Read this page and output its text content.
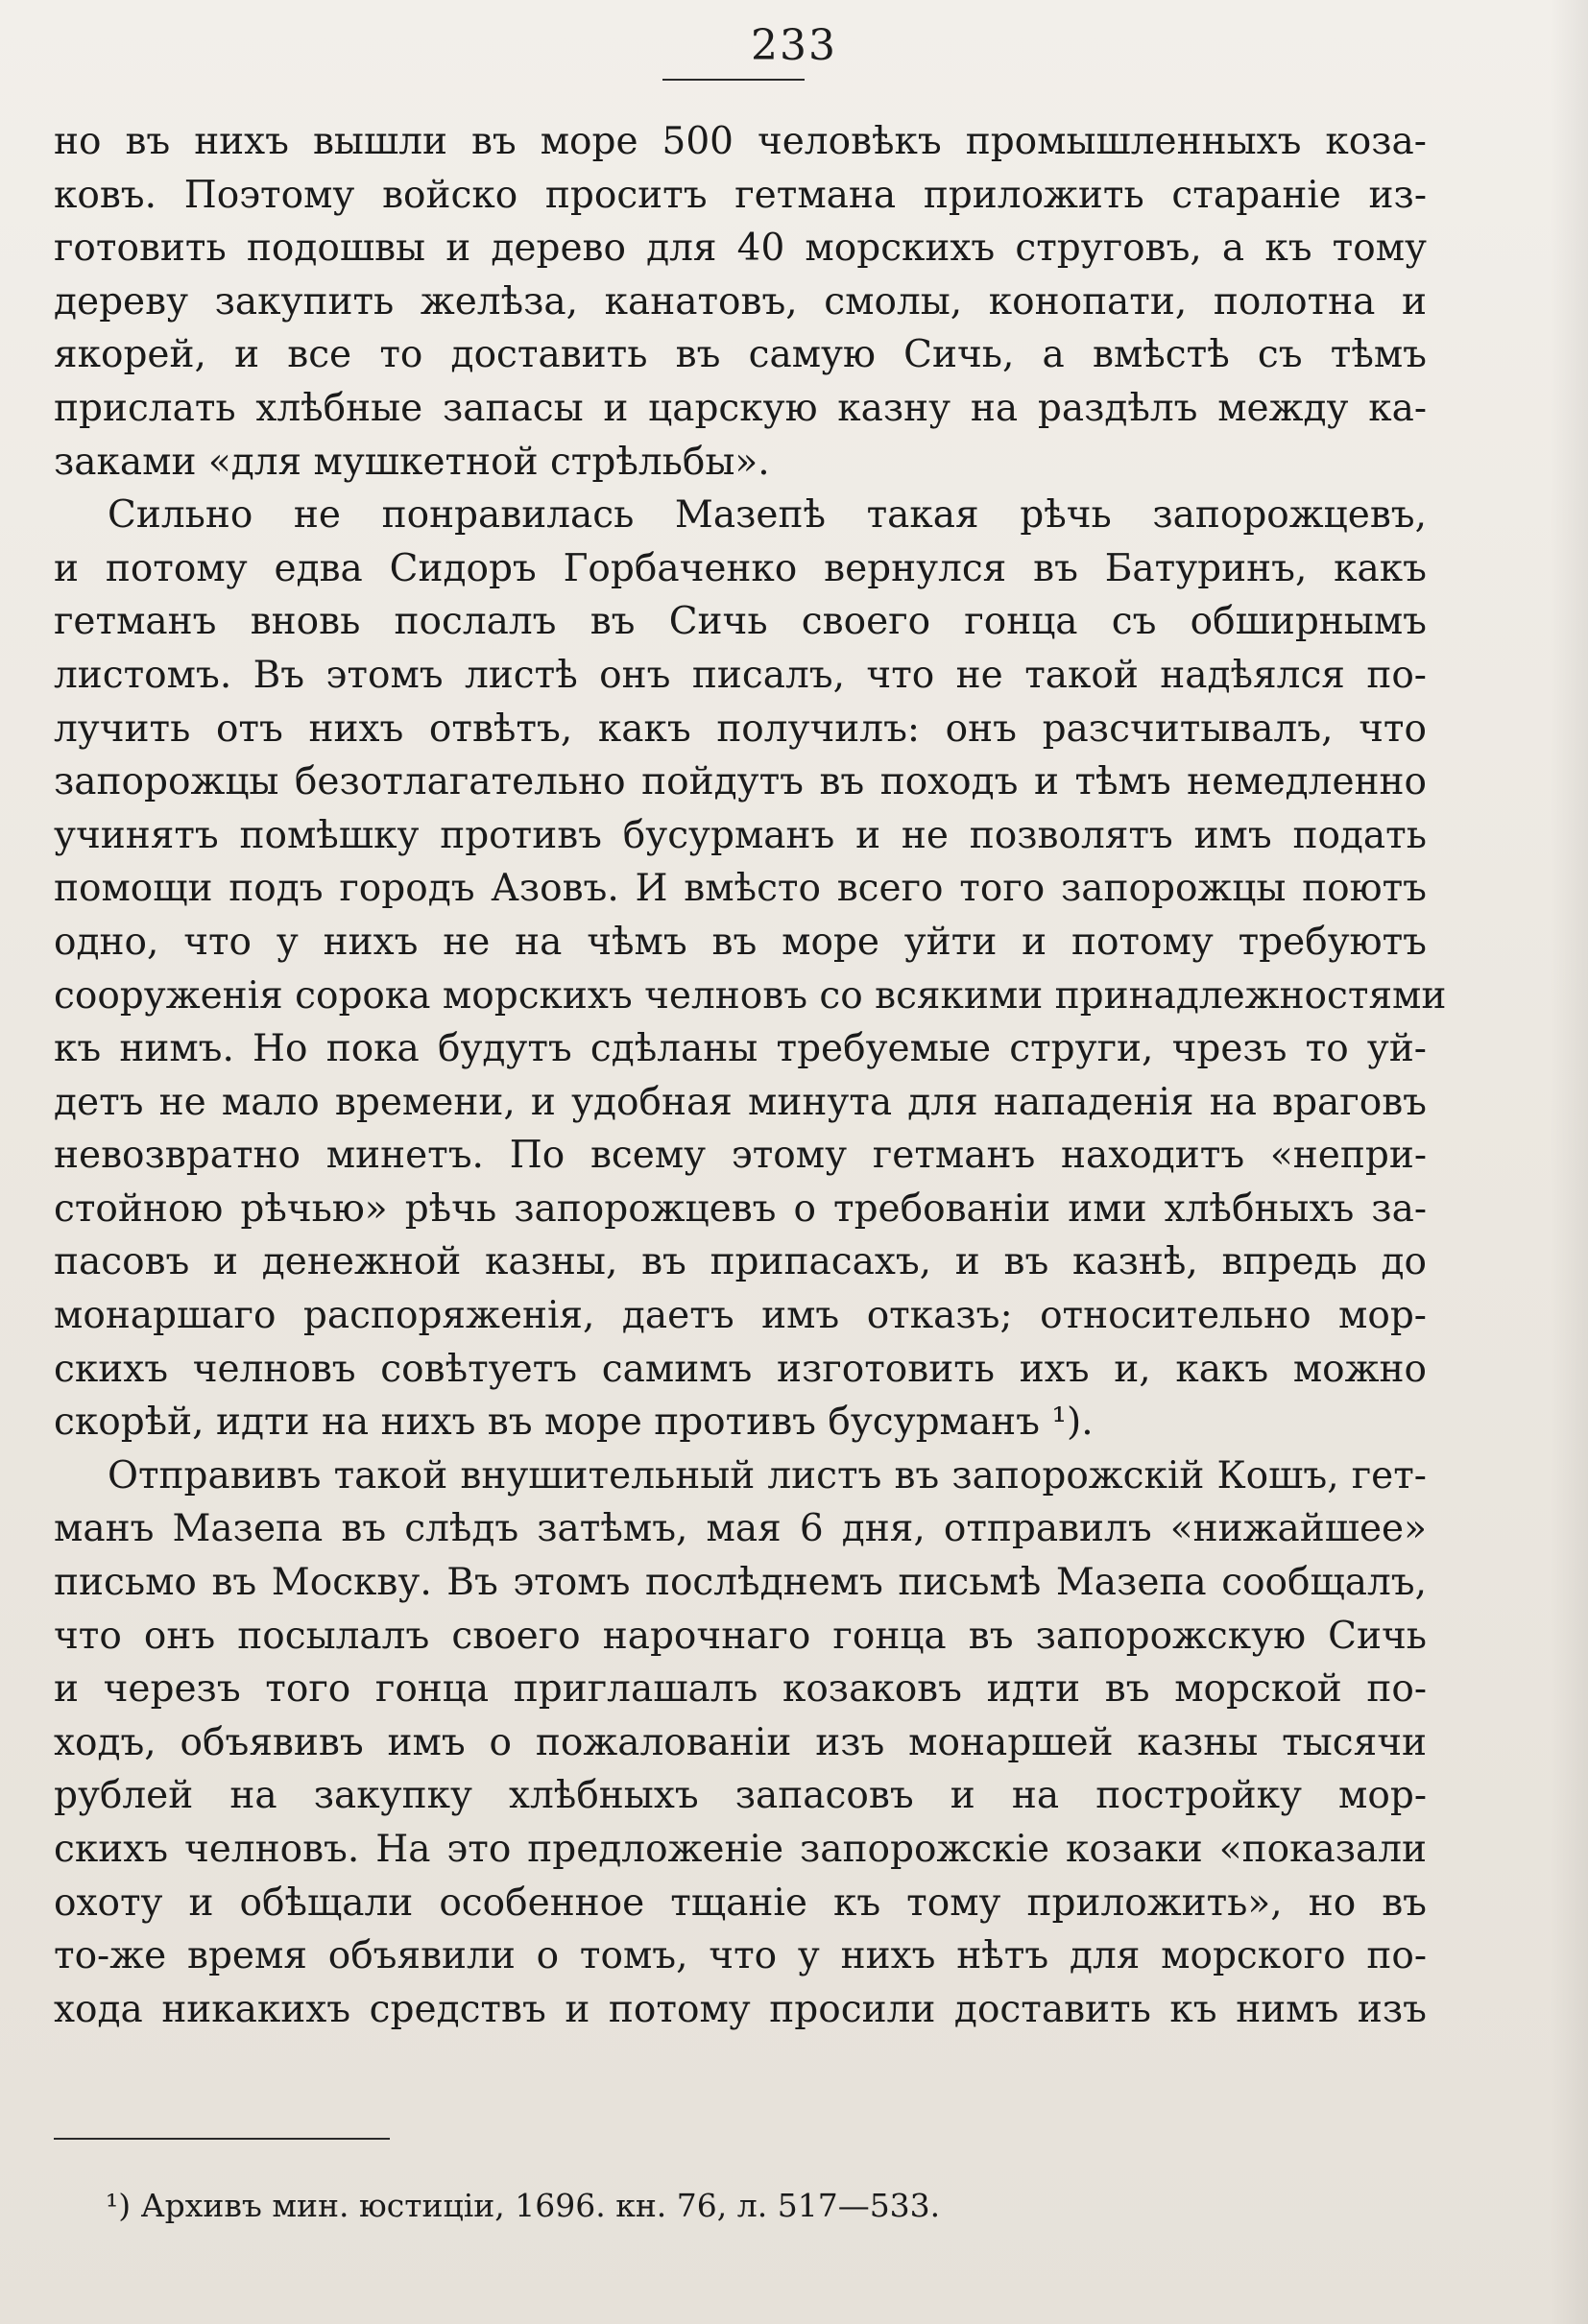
233
но въ нихъ вышли въ море 500 человѣкъ промышленныхъ коза-
ковъ. Поэтому войско проситъ гетмана приложить стараніе из-
готовить подошвы и дерево для 40 морскихъ струговъ, а къ тому
дереву закупить желѣза, канатовъ, смолы, конопати, полотна и
якорей, и все то доставить въ самую Сичь, а вмѣстѣ съ тѣмъ
прислать хлѣбные запасы и царскую казну на раздѣлъ между ка-
заками «для мушкетной стрѣльбы».
Сильно не понравилась Мазепѣ такая рѣчь запорожцевъ,
и потому едва Сидоръ Горбаченко вернулся въ Батуринъ, какъ
гетманъ вновь послалъ въ Сичь своего гонца съ обширнымъ
листомъ. Въ этомъ листѣ онъ писалъ, что не такой надѣялся по-
лучить отъ нихъ отвѣтъ, какъ получилъ: онъ разсчитывалъ, что
запорожцы безотлагательно пойдутъ въ походъ и тѣмъ немедленно
учинятъ помѣшку противъ бусурманъ и не позволятъ имъ подать
помощи подъ городъ Азовъ. И вмѣсто всего того запорожцы поютъ
одно, что у нихъ не на чѣмъ въ море уйти и потому требуютъ
сооруженія сорока морскихъ челновъ со всякими принадлежностями
къ нимъ. Но пока будутъ сдѣланы требуемые струги, чрезъ то уй-
детъ не мало времени, и удобная минута для нападенія на враговъ
невозвратно минетъ. По всему этому гетманъ находитъ «непри-
стойною рѣчью» рѣчь запорожцевъ о требованіи ими хлѣбныхъ за-
пасовъ и денежной казны, въ припасахъ, и въ казнѣ, впредь до
монаршаго распоряженія, даетъ имъ отказъ; относительно мор-
скихъ челновъ совѣтуетъ самимъ изготовить ихъ и, какъ можно
скорѣй, идти на нихъ въ море противъ бусурманъ ¹).
Отправивъ такой внушительный листъ въ запорожскій Кошъ, гет-
манъ Мазепа въ слѣдъ затѣмъ, мая 6 дня, отправилъ «нижайшее»
письмо въ Москву. Въ этомъ послѣднемъ письмѣ Мазепа сообщалъ,
что онъ посылалъ своего нарочнаго гонца въ запорожскую Сичь
и черезъ того гонца приглашалъ козаковъ идти въ морской по-
ходъ, объявивъ имъ о пожалованіи изъ монаршей казны тысячи
рублей на закупку хлѣбныхъ запасовъ и на постройку мор-
скихъ челновъ. На это предложеніе запорожскіе козаки «показали
охоту и обѣщали особенное тщаніе къ тому приложить», но въ
то-же время объявили о томъ, что у нихъ нѣтъ для морского по-
хода никакихъ средствъ и потому просили доставить къ нимъ изъ
¹) Архивъ мин. юстиціи, 1696. кн. 76, л. 517—533.
